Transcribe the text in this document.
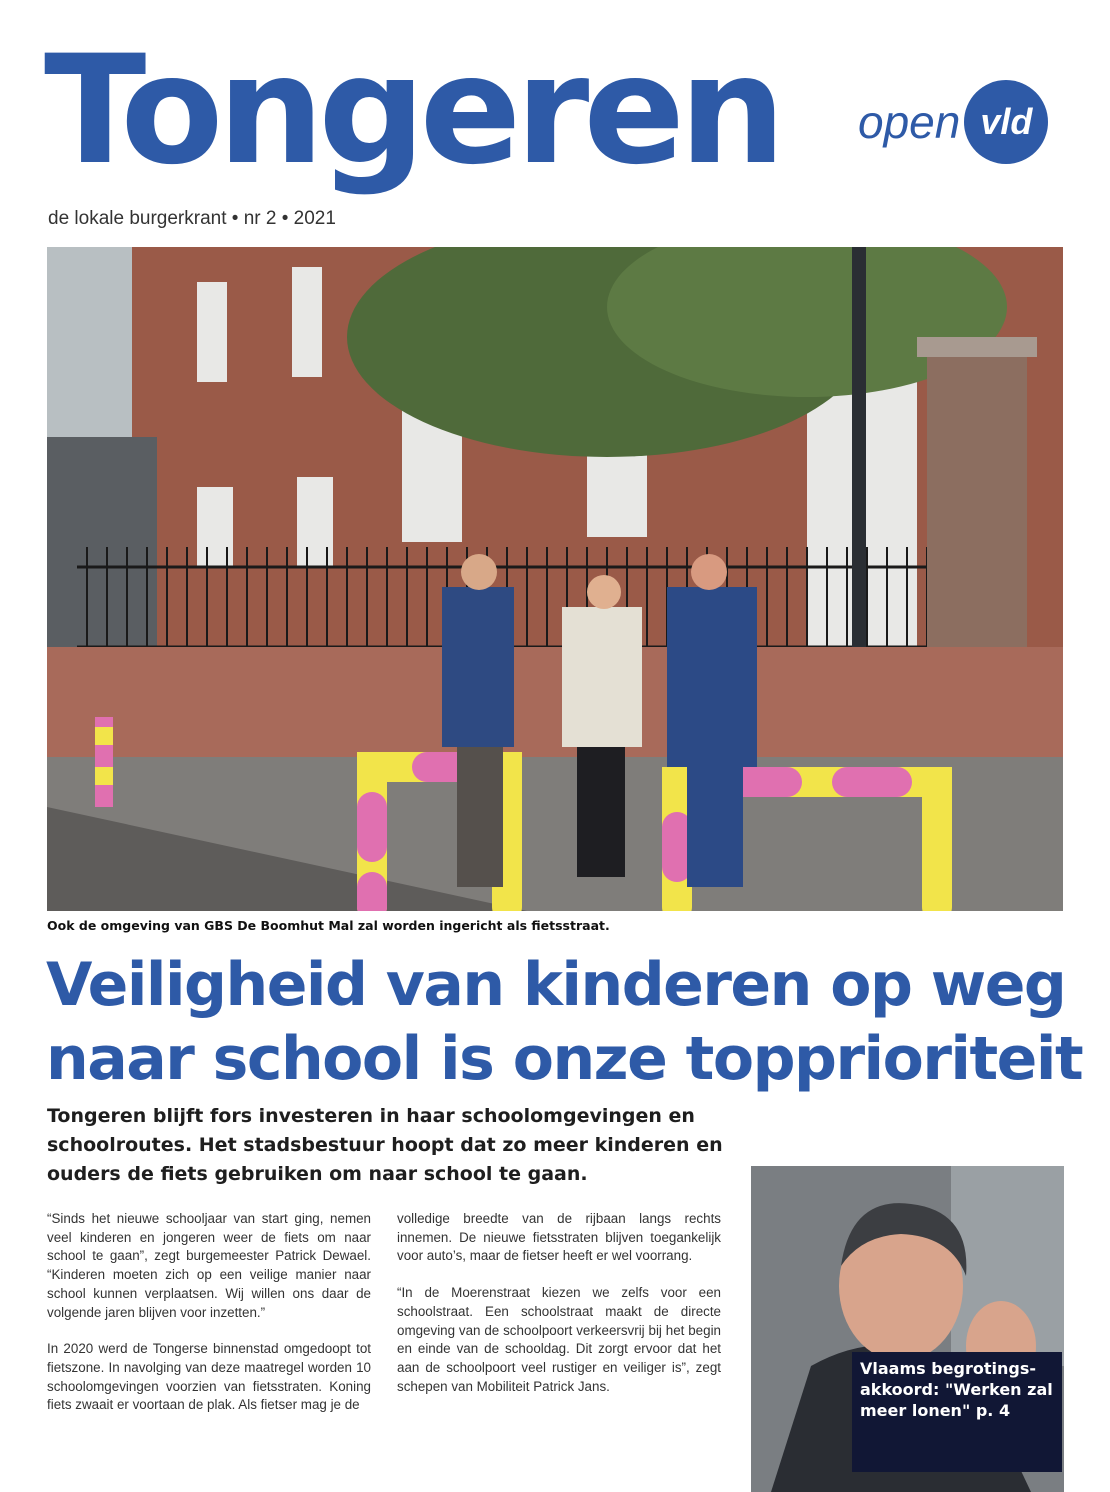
Tongeren
de lokale burgerkrant • nr 2 • 2021
open vld
Ook de omgeving van GBS De Boomhut Mal zal worden ingericht als fietsstraat.
Veiligheid van kinderen op weg
naar school is onze topprioriteit
Tongeren blijft fors investeren in haar schoolomgevingen en schoolroutes. Het stadsbestuur hoopt dat zo meer kinderen en ouders de fiets gebruiken om naar school te gaan.

“Sinds het nieuwe schooljaar van start ging, nemen veel kinderen en jongeren weer de fiets om naar school te gaan”, zegt burgemeester Patrick Dewael. “Kinderen moeten zich op een veilige manier naar school kunnen verplaatsen. Wij willen ons daar de volgende jaren blijven voor inzetten.”

In 2020 werd de Tongerse binnenstad omgedoopt tot fietszone. In navolging van deze maatregel worden 10 schoolomgevingen voorzien van fietsstraten. Koning fiets zwaait er voortaan de plak. Als fietser mag je de

volledige breedte van de rijbaan langs rechts innemen. De nieuwe fietsstraten blijven toegankelijk voor auto’s, maar de fietser heeft er wel voorrang.

“In de Moerenstraat kiezen we zelfs voor een schoolstraat. Een schoolstraat maakt de directe omgeving van de schoolpoort verkeersvrij bij het begin en einde van de schooldag. Dit zorgt ervoor dat het aan de schoolpoort veel rustiger en veiliger is”, zegt schepen van Mobiliteit Patrick Jans.

Vlaams begrotings-akkoord: "Werken zal meer lonen" p. 4
